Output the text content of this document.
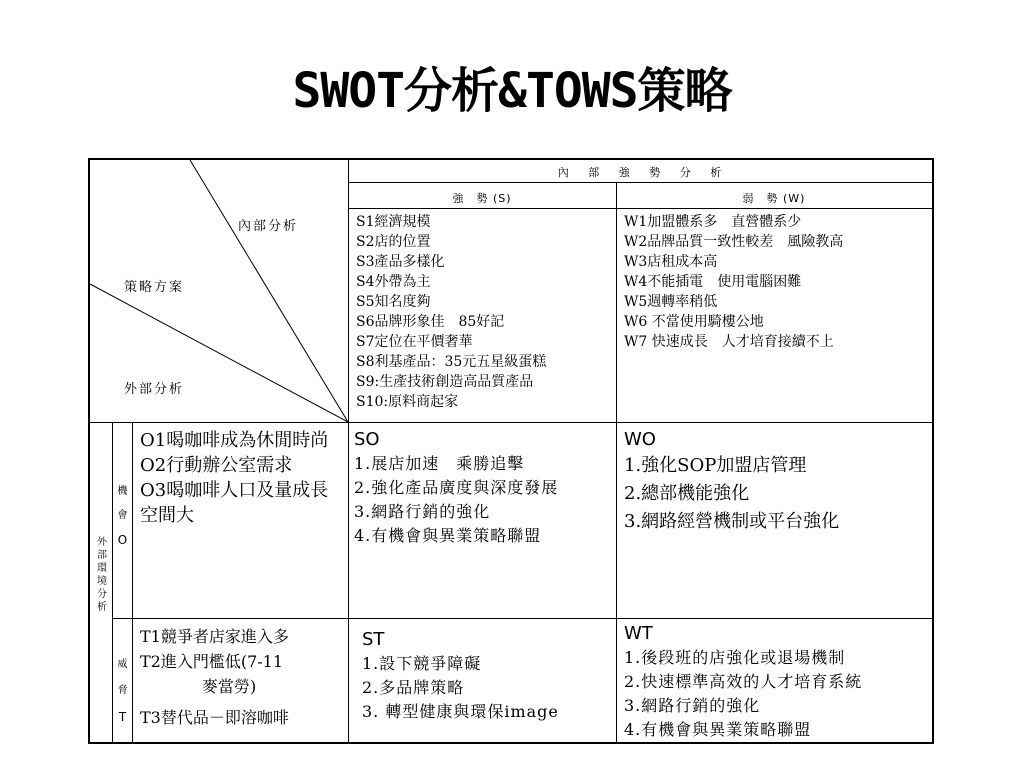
SWOT分析&TOWS策略
內部分析
策略方案
外部分析
內 部 強 勢 分 析
強　勢 (S)	弱　勢 (W)
S1經濟規模
S2店的位置
S3產品多樣化
S4外帶為主
S5知名度夠
S6品牌形象佳　85好記
S7定位在平價奢華
S8利基產品：35元五星級蛋糕
S9:生產技術創造高品質產品
S10:原料商起家
W1加盟體系多　直營體系少
W2品牌品質一致性較差　風險教高
W3店租成本高
W4不能插電　使用電腦困難
W5週轉率稍低
W6 不當使用騎樓公地
W7 快速成長　人才培育接續不上
外
部
環
境
分
析
機
會
O
威
脅
T
O1喝咖啡成為休閒時尚
O2行動辦公室需求
O3喝咖啡人口及量成長空間大
T1競爭者店家進入多
T2進入門檻低(7-11
麥當勞)
T3替代品－即溶咖啡
SO
1.展店加速　乘勝追擊
2.強化產品廣度與深度發展
3.網路行銷的強化
4.有機會與異業策略聯盟
WO
1.強化SOP加盟店管理
2.總部機能強化
3.網路經營機制或平台強化
ST
1.設下競爭障礙
2.多品牌策略
3. 轉型健康與環保image
WT
1.後段班的店強化或退場機制
2.快速標準高效的人才培育系統
3.網路行銷的強化
4.有機會與異業策略聯盟
